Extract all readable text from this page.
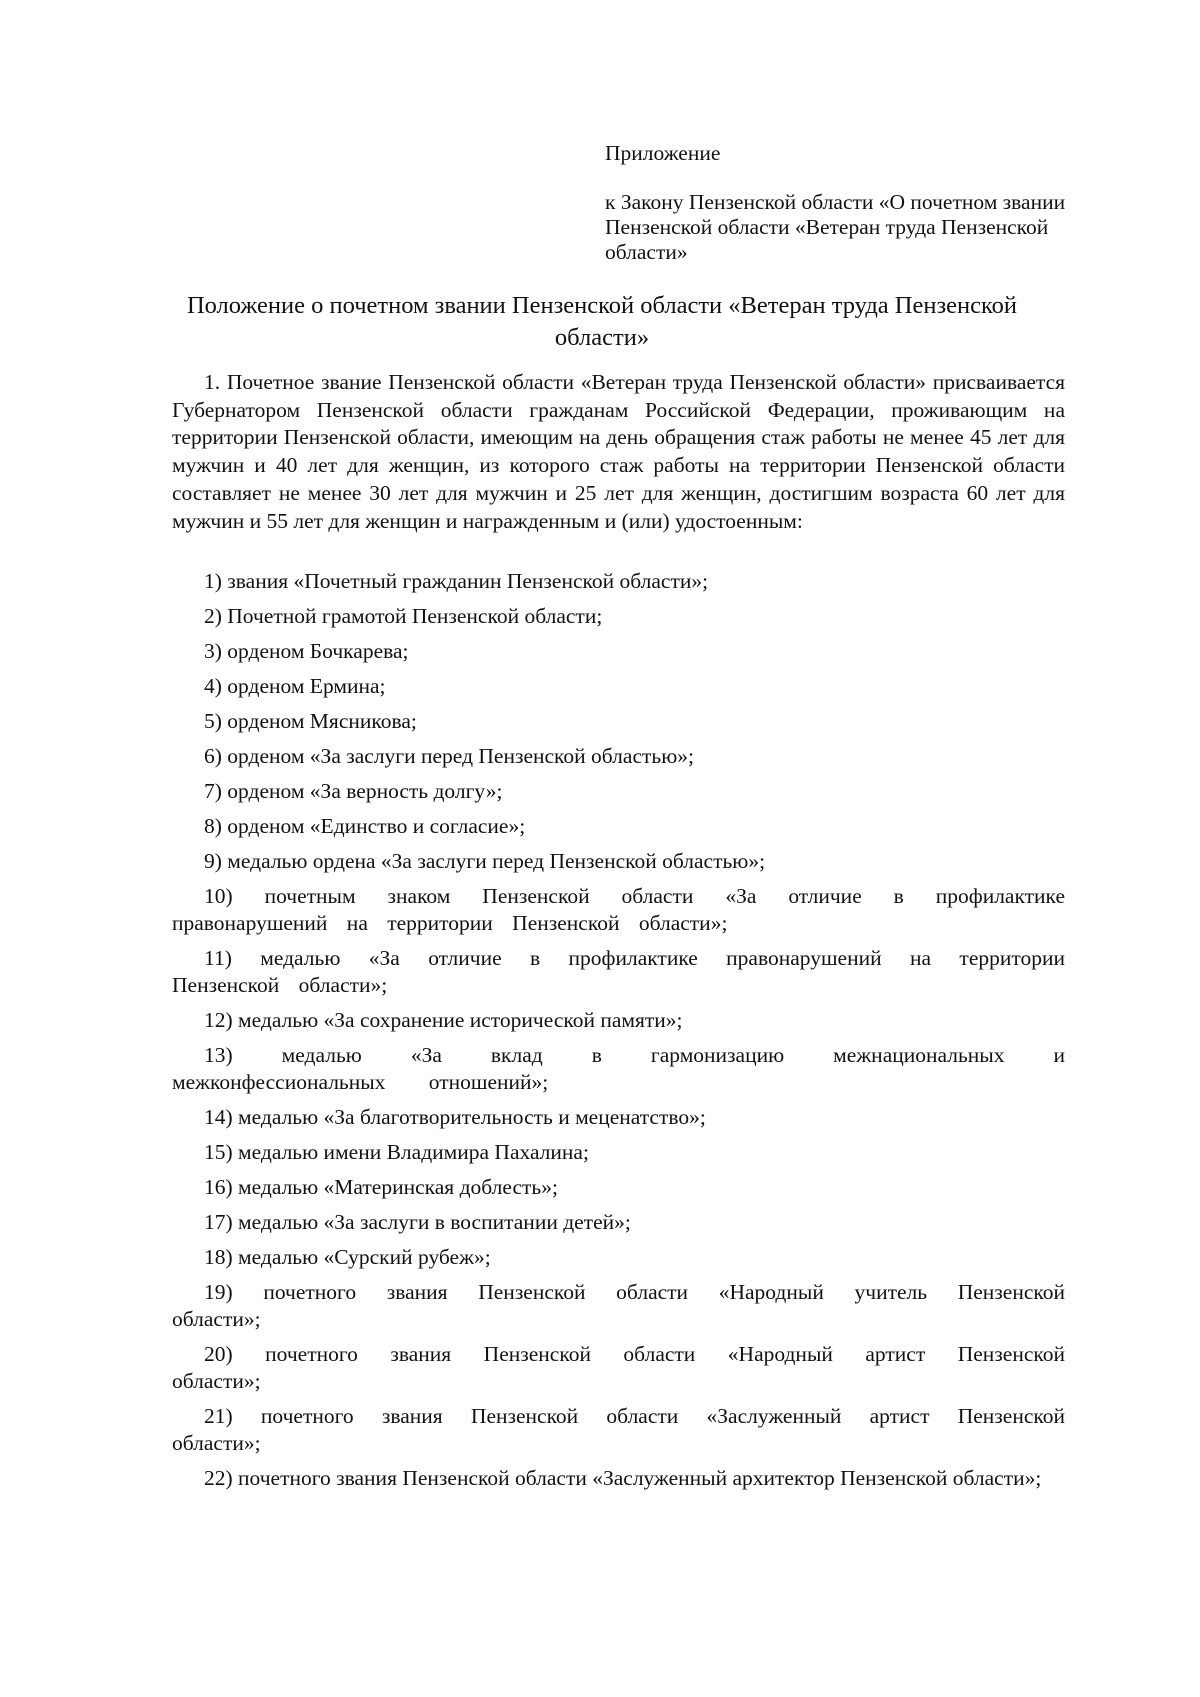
Приложение

к Закону Пензенской области «О почетном звании Пензенской области «Ветеран труда Пензенской области»

Положение о почетном звании Пензенской области «Ветеран труда Пензенской области»

1. Почетное звание Пензенской области «Ветеран труда Пензенской области» присваивается Губернатором Пензенской области гражданам Российской Федерации, проживающим на территории Пензенской области, имеющим на день обращения стаж работы не менее 45 лет для мужчин и 40 лет для женщин, из которого стаж работы на территории Пензенской области составляет не менее 30 лет для мужчин и 25 лет для женщин, достигшим возраста 60 лет для мужчин и 55 лет для женщин и награжденным и (или) удостоенным:

1) звания «Почетный гражданин Пензенской области»;
2) Почетной грамотой Пензенской области;
3) орденом Бочкарева;
4) орденом Ермина;
5) орденом Мясникова;
6) орденом «За заслуги перед Пензенской областью»;
7) орденом «За верность долгу»;
8) орденом «Единство и согласие»;
9) медалью ордена «За заслуги перед Пензенской областью»;
10) почетным знаком Пензенской области «За отличие в профилактике правонарушений на территории Пензенской области»;
11) медалью «За отличие в профилактике правонарушений на территории Пензенской области»;
12) медалью «За сохранение исторической памяти»;
13) медалью «За вклад в гармонизацию межнациональных и межконфессиональных отношений»;
14) медалью «За благотворительность и меценатство»;
15) медалью имени Владимира Пахалина;
16) медалью «Материнская доблесть»;
17) медалью «За заслуги в воспитании детей»;
18) медалью «Сурский рубеж»;
19) почетного звания Пензенской области «Народный учитель Пензенской области»;
20) почетного звания Пензенской области «Народный артист Пензенской области»;
21) почетного звания Пензенской области «Заслуженный артист Пензенской области»;
22) почетного звания Пензенской области «Заслуженный архитектор Пензенской области»;
